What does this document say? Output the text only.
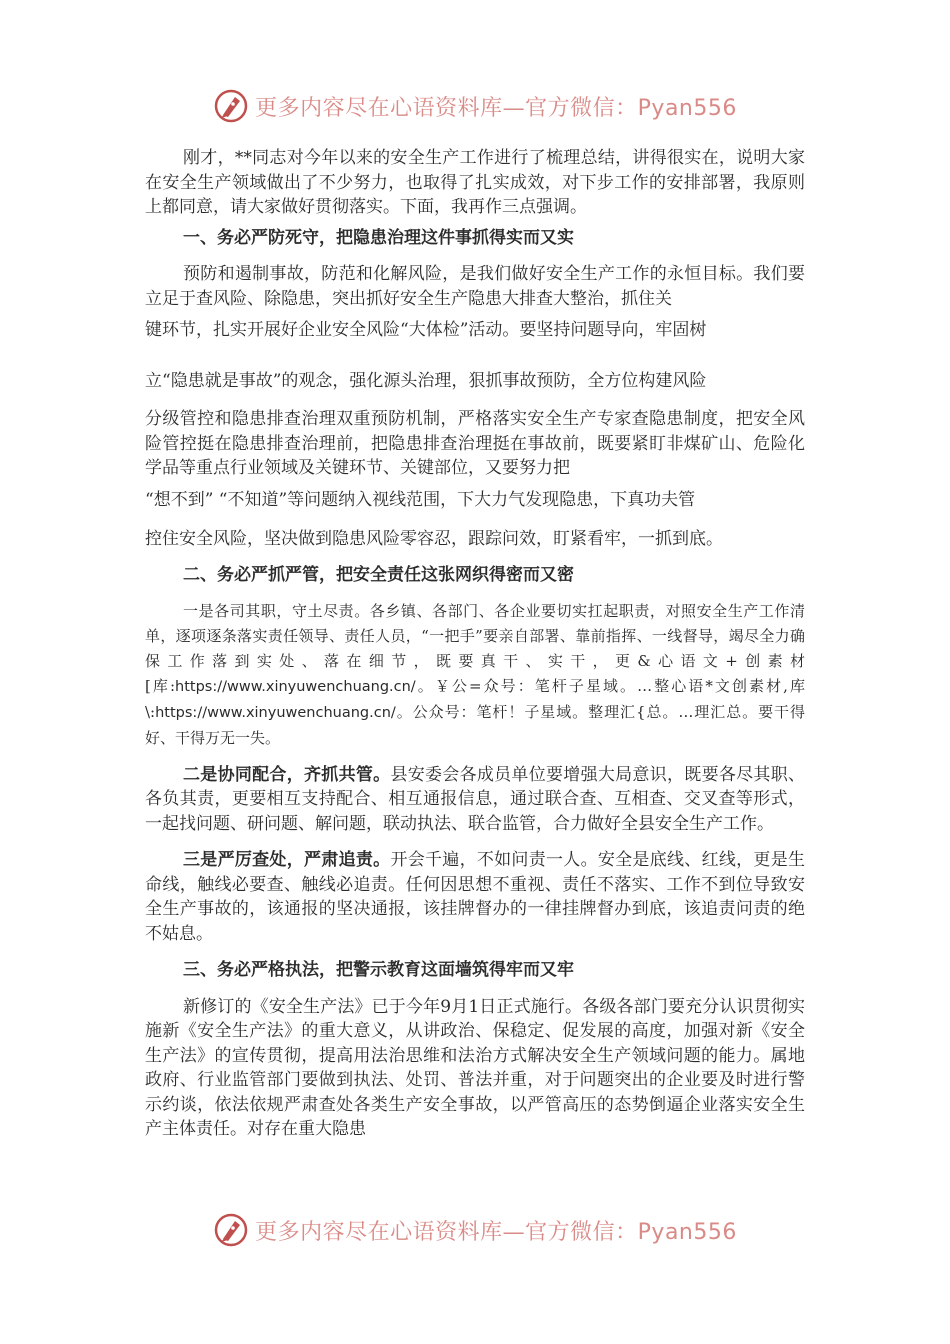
更多内容尽在心语资料库—官方微信：Pyan556

刚才，**同志对今年以来的安全生产工作进行了梳理总结，讲得很实在，说明大家在安全生产领域做出了不少努力，也取得了扎实成效，对下步工作的安排部署，我原则上都同意，请大家做好贯彻落实。下面，我再作三点强调。

一、务必严防死守，把隐患治理这件事抓得实而又实

预防和遏制事故，防范和化解风险，是我们做好安全生产工作的永恒目标。我们要立足于查风险、除隐患，突出抓好安全生产隐患大排查大整治，抓住关

键环节，扎实开展好企业安全风险“大体检”活动。要坚持问题导向，牢固树

立“隐患就是事故”的观念，强化源头治理，狠抓事故预防，全方位构建风险

分级管控和隐患排查治理双重预防机制，严格落实安全生产专家查隐患制度，把安全风险管控挺在隐患排查治理前，把隐患排查治理挺在事故前，既要紧盯非煤矿山、危险化学品等重点行业领域及关键环节、关键部位，又要努力把

“想不到” “不知道”等问题纳入视线范围，下大力气发现隐患，下真功夫管

控住安全风险，坚决做到隐患风险零容忍，跟踪问效，盯紧看牢，一抓到底。

二、务必严抓严管，把安全责任这张网织得密而又密

一是各司其职，守土尽责。各乡镇、各部门、各企业要切实扛起职责，对照安全生产工作清单，逐项逐条落实责任领导、责任人员，“一把手”要亲自部署、靠前指挥、一线督导，竭尽全力确保工作落到实处、落在细节，既要真干、实干，更&心语文+创素材[库:https://www.xinyuwenchuang.cn/。￥公=众号：笔杆子星域。…整心语*文创素材,库\:https://www.xinyuwenchuang.cn/。公众号：笔杆！子星域。整理汇{总。…理汇总。要干得好、干得万无一失。

二是协同配合，齐抓共管。县安委会各成员单位要增强大局意识，既要各尽其职、各负其责，更要相互支持配合、相互通报信息，通过联合查、互相查、交叉查等形式，一起找问题、研问题、解问题，联动执法、联合监管，合力做好全县安全生产工作。

三是严厉查处，严肃追责。开会千遍，不如问责一人。安全是底线、红线，更是生命线，触线必要查、触线必追责。任何因思想不重视、责任不落实、工作不到位导致安全生产事故的，该通报的坚决通报，该挂牌督办的一律挂牌督办到底，该追责问责的绝不姑息。

三、务必严格执法，把警示教育这面墙筑得牢而又牢

新修订的《安全生产法》已于今年9月1日正式施行。各级各部门要充分认识贯彻实施新《安全生产法》的重大意义，从讲政治、保稳定、促发展的高度，加强对新《安全生产法》的宣传贯彻，提高用法治思维和法治方式解决安全生产领域问题的能力。属地政府、行业监管部门要做到执法、处罚、普法并重，对于问题突出的企业要及时进行警示约谈，依法依规严肃查处各类生产安全事故，以严管高压的态势倒逼企业落实安全生产主体责任。对存在重大隐患

更多内容尽在心语资料库—官方微信：Pyan556
